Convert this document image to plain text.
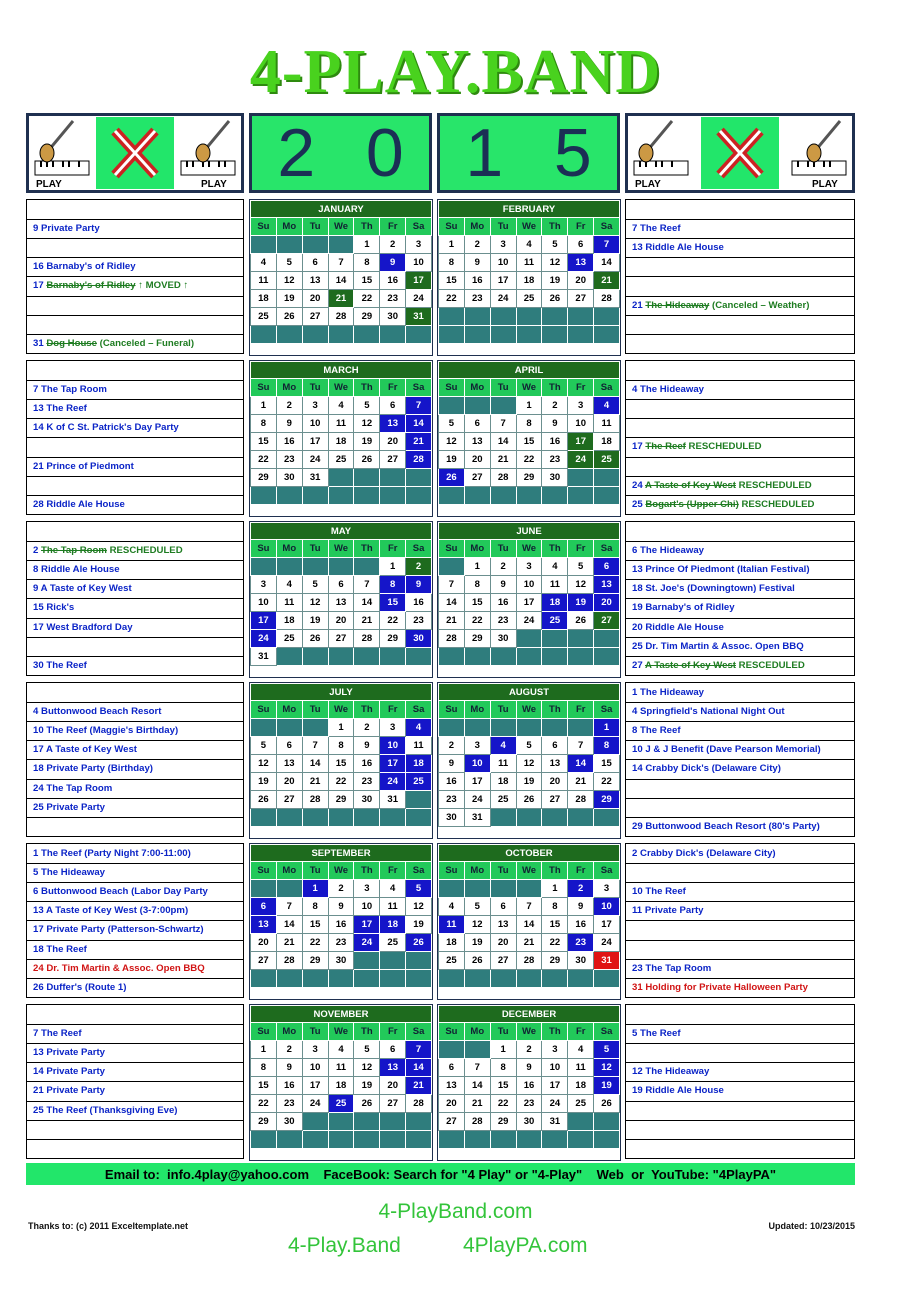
4-PLAY.BAND
PLAY	PLAY 2 0 1 5	PLAY	PLAY
9 Private Party
16 Barnaby's of Ridley
17 Barnaby's of Ridley ↑ MOVED ↑
31 Dog House (Canceled – Funeral)
7 The Reef
13 Riddle Ale House
21 The Hideaway (Canceled – Weather)
JANUARY						
Su	Mo	Tu	We	Th	Fr	Sa
				1	2	3
4	5	6	7	8	9	10
11	12	13	14	15	16	17
18	19	20	21	22	23	24
25	26	27	28	29	30	31

FEBRUARY						
Su	Mo	Tu	We	Th	Fr	Sa
1	2	3	4	5	6	7
8	9	10	11	12	13	14
15	16	17	18	19	20	21
22	23	24	25	26	27	28

7 The Tap Room
13 The Reef
14 K of C St. Patrick's Day Party
21 Prince of Piedmont
28 Riddle Ale House
4 The Hideaway
17 The Reef RESCHEDULED
24 A Taste of Key West RESCHEDULED
25 Bogart's (Upper Chi) RESCHEDULED
MARCH						
Su	Mo	Tu	We	Th	Fr	Sa
1	2	3	4	5	6	7
8	9	10	11	12	13	14
15	16	17	18	19	20	21
22	23	24	25	26	27	28
29	30	31				

APRIL						
Su	Mo	Tu	We	Th	Fr	Sa
			1	2	3	4
5	6	7	8	9	10	11
12	13	14	15	16	17	18
19	20	21	22	23	24	25
26	27	28	29	30		

2 The Tap Room RESCHEDULED
8 Riddle Ale House
9 A Taste of Key West
15 Rick's
17 West Bradford Day
30 The Reef
6 The Hideaway
13 Prince Of Piedmont (Italian Festival)
18 St. Joe's (Downingtown) Festival
19 Barnaby's of Ridley
20 Riddle Ale House
25 Dr. Tim Martin & Assoc. Open BBQ
27 A Taste of Key West RESCEDULED
MAY						
Su	Mo	Tu	We	Th	Fr	Sa
					1	2
3	4	5	6	7	8	9
10	11	12	13	14	15	16
17	18	19	20	21	22	23
24	25	26	27	28	29	30
31						
JUNE						
Su	Mo	Tu	We	Th	Fr	Sa
	1	2	3	4	5	6
7	8	9	10	11	12	13
14	15	16	17	18	19	20
21	22	23	24	25	26	27
28	29	30				

4 Buttonwood Beach Resort
10 The Reef (Maggie's Birthday)
17 A Taste of Key West
18 Private Party (Birthday)
24 The Tap Room
25 Private Party
1 The Hideaway
4 Springfield's National Night Out
8 The Reef
10 J & J Benefit (Dave Pearson Memorial)
14 Crabby Dick's (Delaware City)
29 Buttonwood Beach Resort (80's Party)
JULY						
Su	Mo	Tu	We	Th	Fr	Sa
			1	2	3	4
5	6	7	8	9	10	11
12	13	14	15	16	17	18
19	20	21	22	23	24	25
26	27	28	29	30	31	

AUGUST						
Su	Mo	Tu	We	Th	Fr	Sa
						1
2	3	4	5	6	7	8
9	10	11	12	13	14	15
16	17	18	19	20	21	22
23	24	25	26	27	28	29
30	31					
1 The Reef (Party Night 7:00-11:00)
5 The Hideaway
6 Buttonwood Beach (Labor Day Party
13 A Taste of Key West (3-7:00pm)
17 Private Party (Patterson-Schwartz)
18 The Reef
24 Dr. Tim Martin & Assoc. Open BBQ
26 Duffer's (Route 1)
2 Crabby Dick's (Delaware City)
10 The Reef
11 Private Party
23 The Tap Room
31 Holding for Private Halloween Party
SEPTEMBER						
Su	Mo	Tu	We	Th	Fr	Sa
		1	2	3	4	5
6	7	8	9	10	11	12
13	14	15	16	17	18	19
20	21	22	23	24	25	26
27	28	29	30			

OCTOBER						
Su	Mo	Tu	We	Th	Fr	Sa
				1	2	3
4	5	6	7	8	9	10
11	12	13	14	15	16	17
18	19	20	21	22	23	24
25	26	27	28	29	30	31

7 The Reef
13 Private Party
14 Private Party
21 Private Party
25 The Reef (Thanksgiving Eve)
5 The Reef
12 The Hideaway
19 Riddle Ale House
NOVEMBER						
Su	Mo	Tu	We	Th	Fr	Sa
1	2	3	4	5	6	7
8	9	10	11	12	13	14
15	16	17	18	19	20	21
22	23	24	25	26	27	28
29	30					

DECEMBER						
Su	Mo	Tu	We	Th	Fr	Sa
		1	2	3	4	5
6	7	8	9	10	11	12
13	14	15	16	17	18	19
20	21	22	23	24	25	26
27	28	29	30	31		

Email to:  info.4play@yahoo.com    FaceBook: Search for "4 Play" or "4-Play"    Web  or  YouTube: "4PlayPA"
Thanks to: (c) 2011 Exceltemplate.net	Updated: 10/23/2015
4-PlayBand.com
4-Play.Band	4PlayPA.com
